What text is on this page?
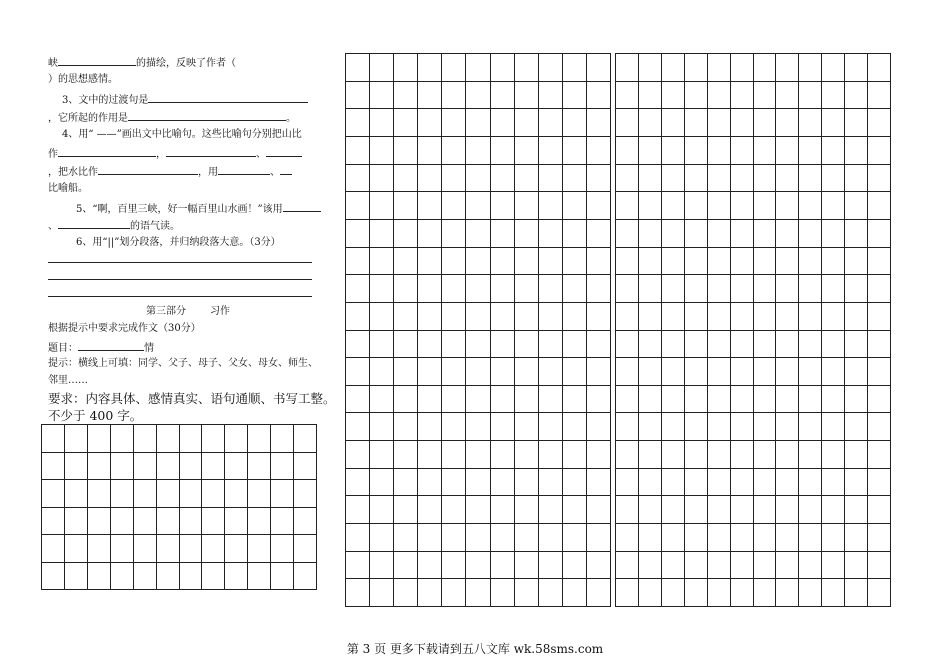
峡	的描绘，反映了作者（
）的思想感情。
3、文中的过渡句是
，它所起的作用是	。
4、用“ ——”画出文中比喻句。这些比喻句分别把山比
作	，	、
，把水比作	，用	、
比喻船。
5、“啊，百里三峡，好一幅百里山水画！”该用
、	的语气读。
6、用“||”划分段落，并归纳段落大意。（3分）
第三部分 习作
根据提示中要求完成作文（30分）
题目：	情
提示：横线上可填：同学、父子、母子、父女、母女、师生、
邻里……
要求：内容具体、感情真实、语句通顺、书写工整。
不少于 400 字。
第 3 页 更多下载请到五八文库 wk.58sms.com
